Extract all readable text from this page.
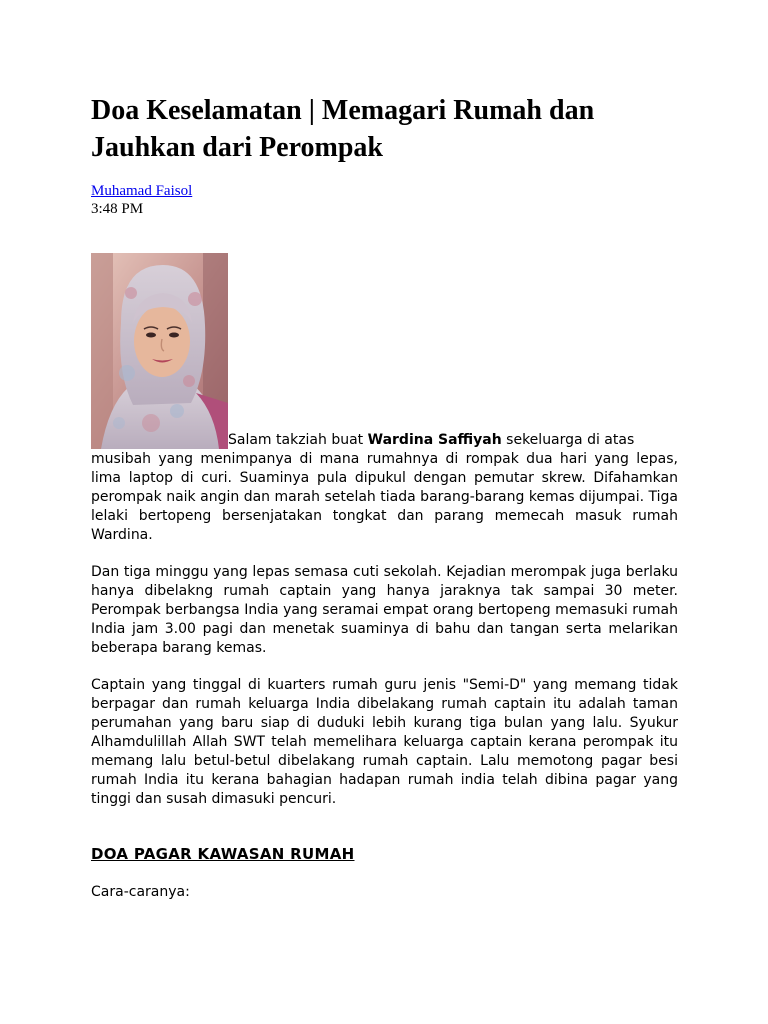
Doa Keselamatan | Memagari Rumah dan Jauhkan dari Perompak
Muhamad Faisol
3:48 PM

Salam takziah buat Wardina Saffiyah sekeluarga di atas

musibah yang menimpanya di mana rumahnya di rompak dua hari yang lepas, lima laptop di curi. Suaminya pula dipukul dengan pemutar skrew. Difahamkan perompak naik angin dan marah setelah tiada barang-barang kemas dijumpai. Tiga lelaki bertopeng bersenjatakan tongkat dan parang memecah masuk rumah Wardina.

Dan tiga minggu yang lepas semasa cuti sekolah. Kejadian merompak juga berlaku hanya dibelakng rumah captain yang hanya jaraknya tak sampai 30 meter. Perompak berbangsa India yang seramai empat orang bertopeng memasuki rumah India jam 3.00 pagi dan menetak suaminya di bahu dan tangan serta melarikan beberapa barang kemas.

Captain yang tinggal di kuarters rumah guru jenis "Semi-D" yang memang tidak berpagar dan rumah keluarga India dibelakang rumah captain itu adalah taman perumahan yang baru siap di duduki lebih kurang tiga bulan yang lalu. Syukur Alhamdulillah Allah SWT telah memelihara keluarga captain kerana perompak itu memang lalu betul-betul dibelakang rumah captain. Lalu memotong pagar besi rumah India itu kerana bahagian hadapan rumah india telah dibina pagar yang tinggi dan susah dimasuki pencuri.

DOA PAGAR KAWASAN RUMAH

Cara-caranya:
